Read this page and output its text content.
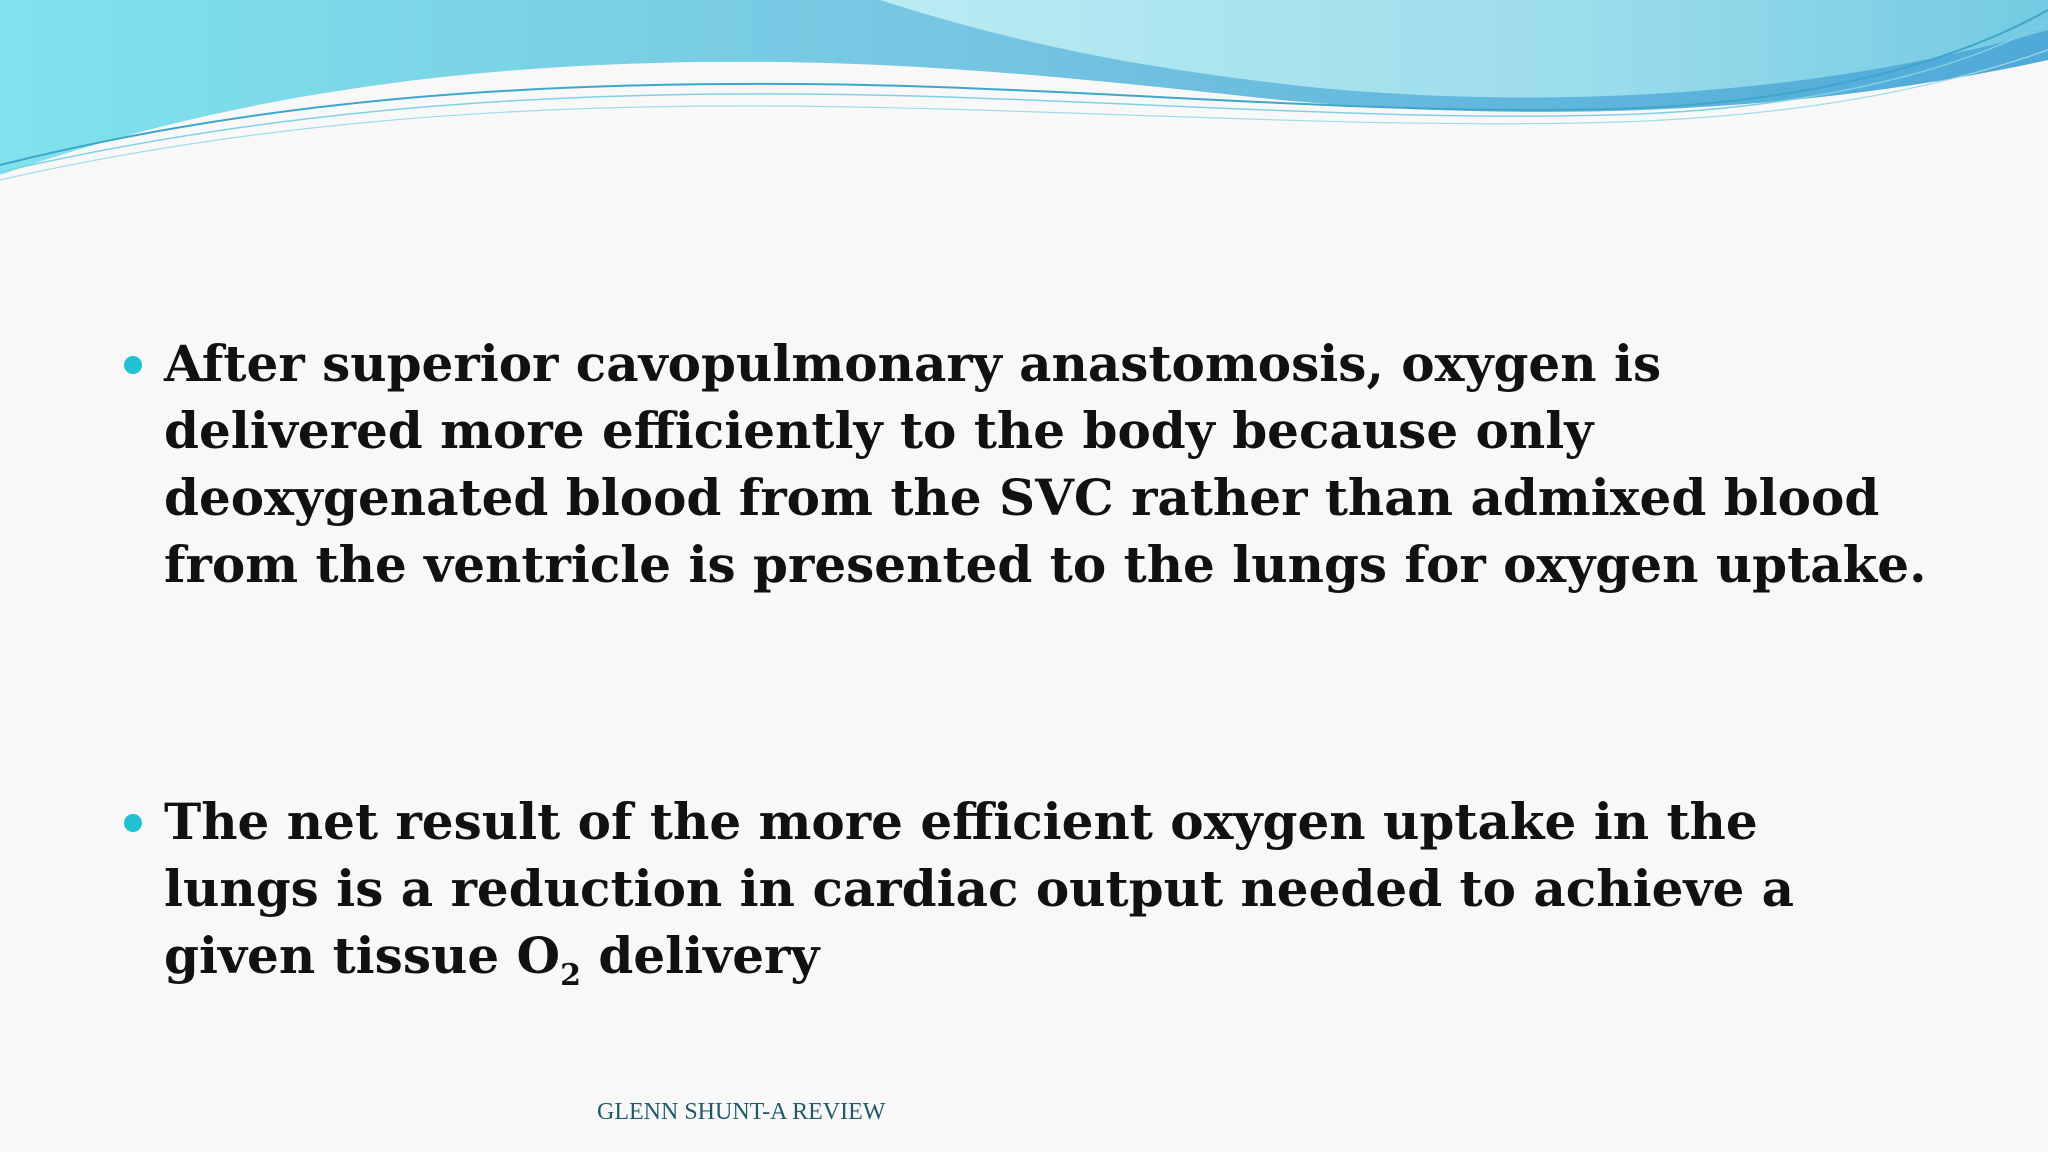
After superior cavopulmonary anastomosis, oxygen is delivered more efficiently to the body because only deoxygenated blood from the SVC rather than admixed blood from the ventricle is presented to the lungs for oxygen uptake.
The net result of the more efficient oxygen uptake in the lungs is a reduction in cardiac output needed to achieve a given tissue $O_2$ delivery
GLENN SHUNT-A REVIEW
